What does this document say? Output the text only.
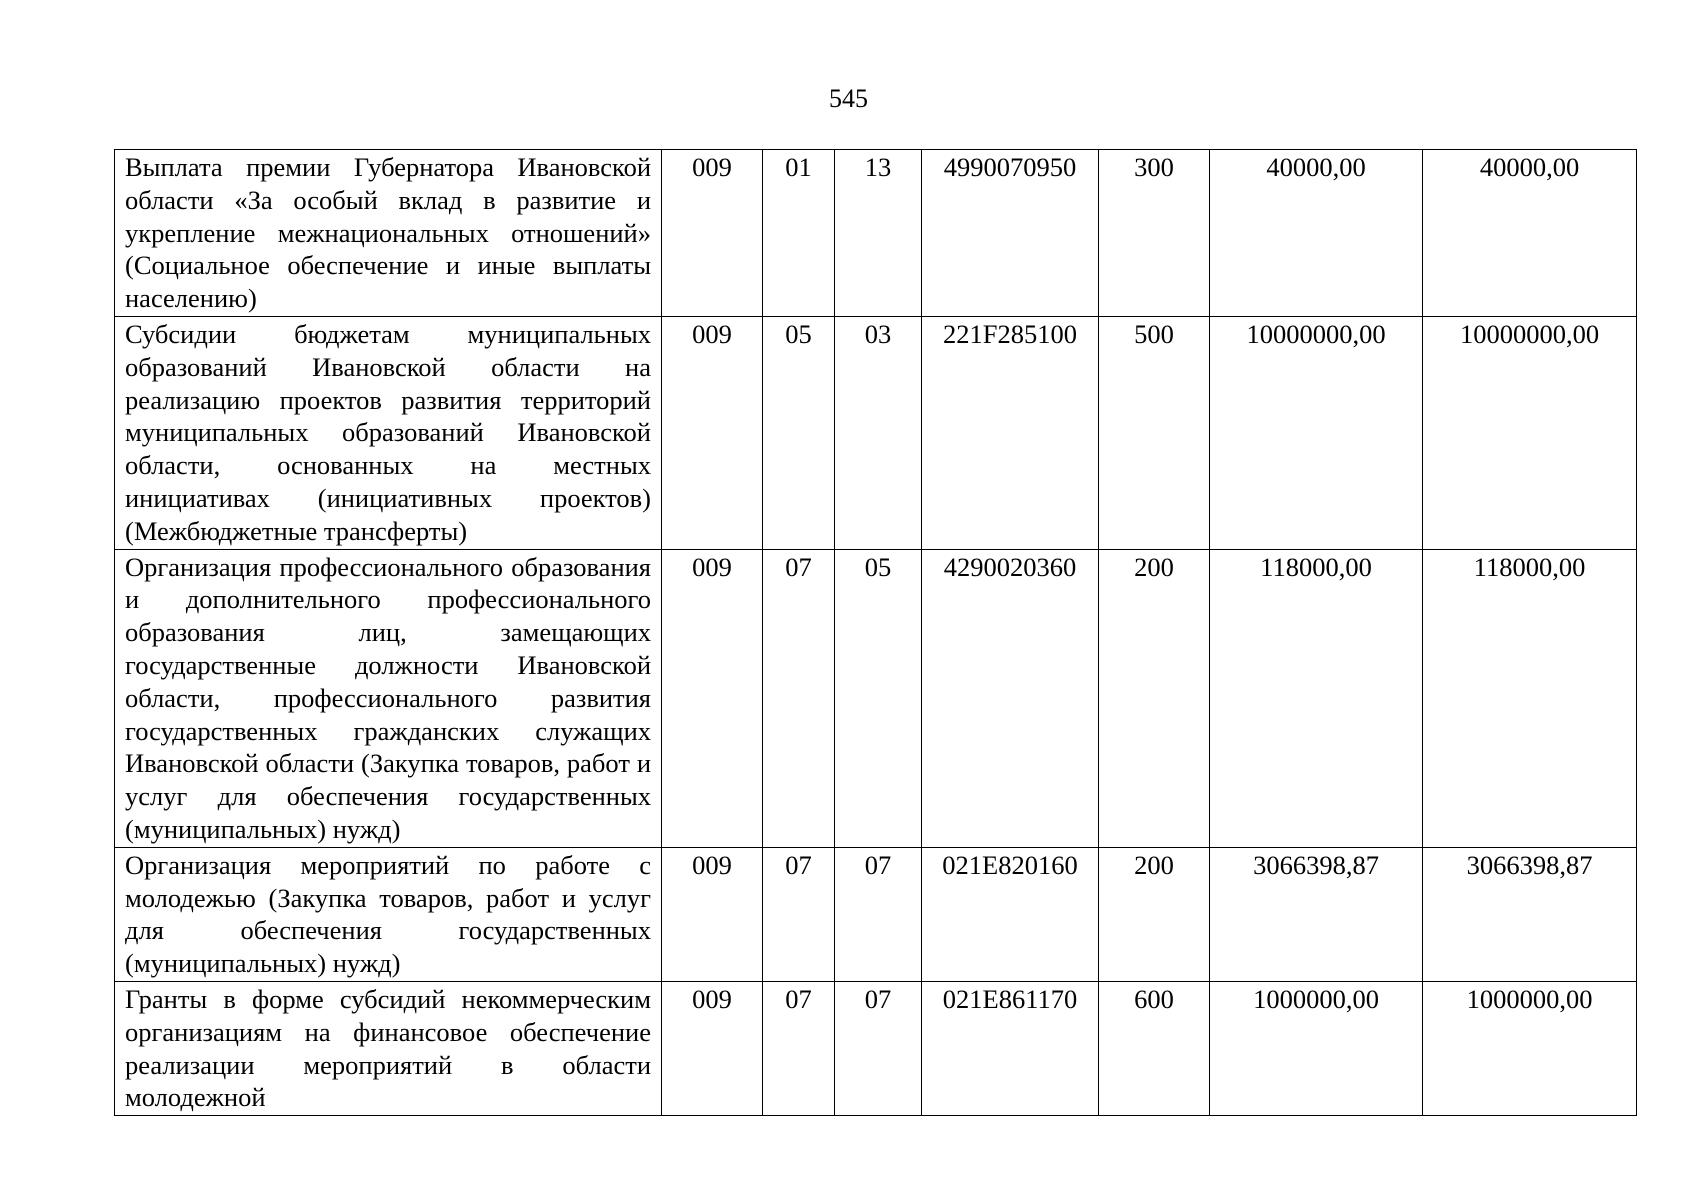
545
Выплата премии Губернатора Ивановской области «За особый вклад в развитие и укрепление межнациональных отношений» (Социальное обеспечение и иные выплаты населению)	009	01	13	4990070950	300	40000,00	40000,00
Субсидии бюджетам муниципальных образований Ивановской области на реализацию проектов развития территорий муниципальных образований Ивановской области, основанных на местных инициативах (инициативных проектов) (Межбюджетные трансферты)	009	05	03	221F285100	500	10000000,00	10000000,00
Организация профессионального образования и дополнительного профессионального образования лиц, замещающих государственные должности Ивановской области, профессионального развития государственных гражданских служащих Ивановской области (Закупка товаров, работ и услуг для обеспечения государственных (муниципальных) нужд)	009	07	05	4290020360	200	118000,00	118000,00
Организация мероприятий по работе с молодежью (Закупка товаров, работ и услуг для обеспечения государственных (муниципальных) нужд)	009	07	07	021E820160	200	3066398,87	3066398,87
Гранты в форме субсидий некоммерческим организациям на финансовое обеспечение реализации мероприятий в области молодежной	009	07	07	021E861170	600	1000000,00	1000000,00
